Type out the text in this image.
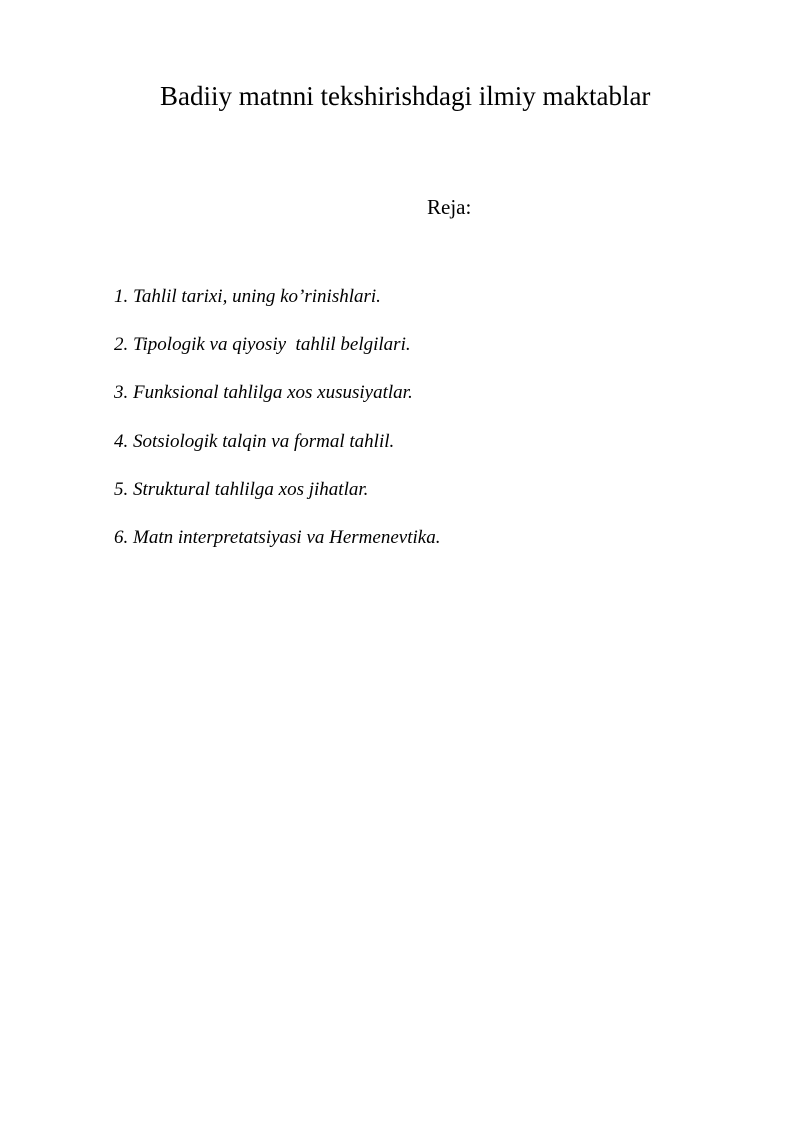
Badiiy matnni tekshirishdagi ilmiy maktablar
Reja:
1. Tahlil tarixi, uning ko’rinishlari.
2. Tipologik va qiyosiy  tahlil belgilari.
3. Funksional tahlilga xos xususiyatlar.
4. Sotsiologik talqin va formal tahlil.
5. Struktural tahlilga xos jihatlar.
6. Matn interpretatsiyasi va Hermenevtika.
